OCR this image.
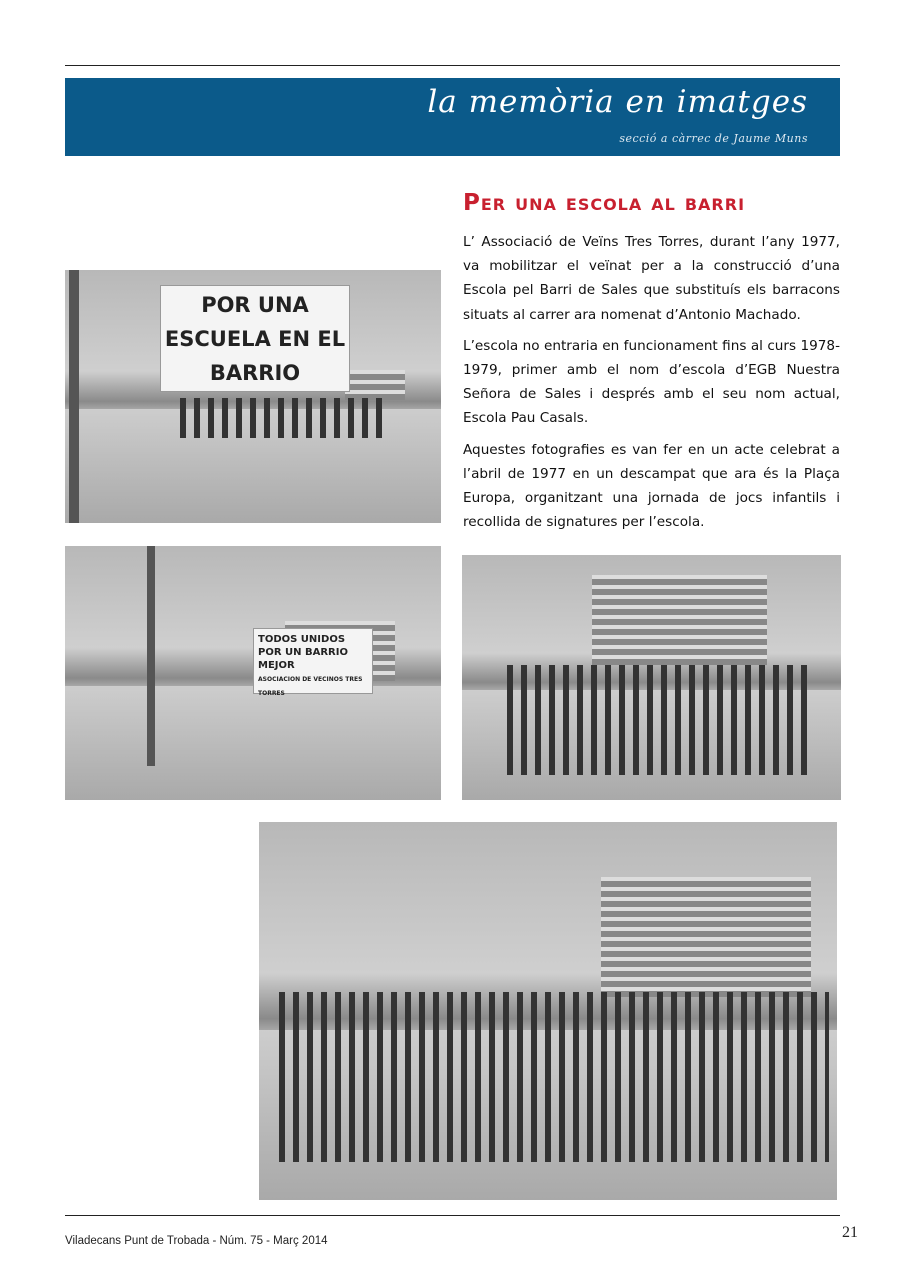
la memòria en imatges
secció a càrrec de Jaume Muns
Per una escola al barri

L’ Associació de Veïns Tres Torres, durant l’any 1977, va mobilitzar el veïnat per a la construcció d’una Escola pel Barri de Sales que substituís els barracons situats al carrer ara nomenat d’Antonio Machado.

L’escola no entraria en funcionament fins al curs 1978-1979, primer amb el nom d’escola d’EGB Nuestra Señora de Sales i després amb el seu nom actual, Escola Pau Casals.

Aquestes fotografies es van fer en un acte celebrat a l’abril de 1977 en un descampat que ara és la Plaça Europa, organitzant una jornada de jocs infantils i recollida de signatures per l’escola.

POR UNA ESCUELA EN EL BARRIO
TODOS UNIDOS POR UN BARRIO MEJOR
ASOCIACION DE VECINOS TRES TORRES
Viladecans Punt de Trobada - Núm. 75 - Març 2014	21
